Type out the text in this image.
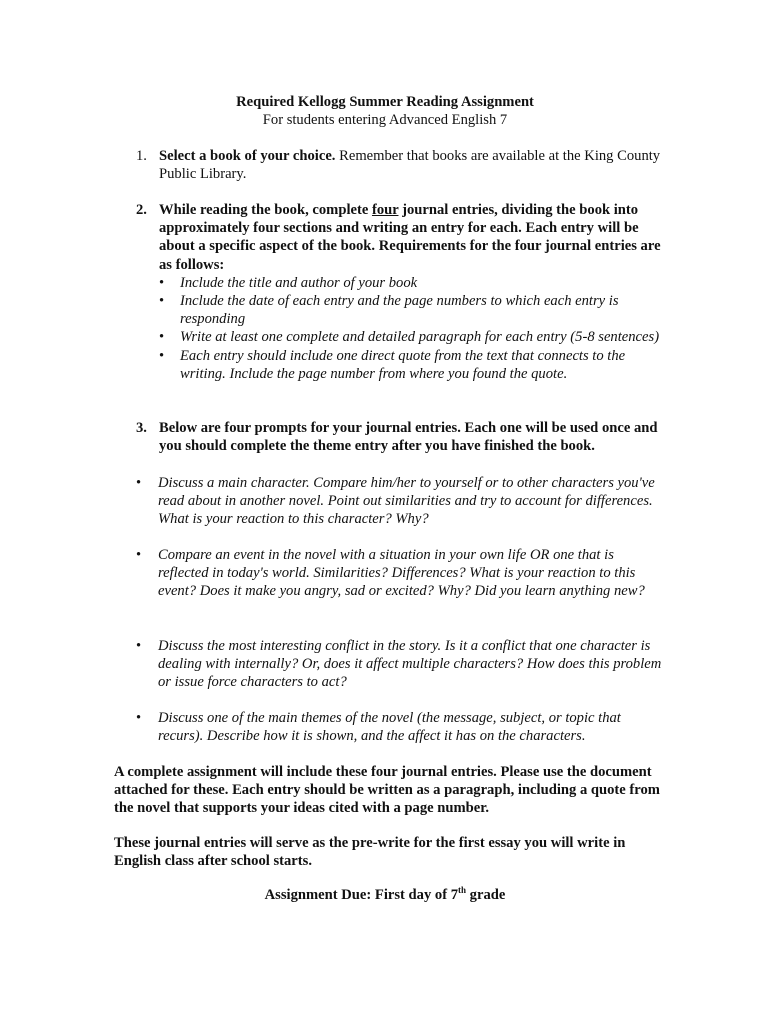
Required Kellogg Summer Reading Assignment
For students entering Advanced English 7
1. Select a book of your choice. Remember that books are available at the King County Public Library.
2. While reading the book, complete four journal entries, dividing the book into approximately four sections and writing an entry for each. Each entry will be about a specific aspect of the book. Requirements for the four journal entries are as follows:
• Include the title and author of your book
• Include the date of each entry and the page numbers to which each entry is responding
• Write at least one complete and detailed paragraph for each entry (5-8 sentences)
• Each entry should include one direct quote from the text that connects to the writing. Include the page number from where you found the quote.
3. Below are four prompts for your journal entries. Each one will be used once and you should complete the theme entry after you have finished the book.
• Discuss a main character. Compare him/her to yourself or to other characters you've read about in another novel. Point out similarities and try to account for differences. What is your reaction to this character? Why?
• Compare an event in the novel with a situation in your own life OR one that is reflected in today's world. Similarities? Differences? What is your reaction to this event? Does it make you angry, sad or excited? Why? Did you learn anything new?
• Discuss the most interesting conflict in the story. Is it a conflict that one character is dealing with internally? Or, does it affect multiple characters? How does this problem or issue force characters to act?
• Discuss one of the main themes of the novel (the message, subject, or topic that recurs). Describe how it is shown, and the affect it has on the characters.
A complete assignment will include these four journal entries. Please use the document attached for these. Each entry should be written as a paragraph, including a quote from the novel that supports your ideas cited with a page number.
These journal entries will serve as the pre-write for the first essay you will write in English class after school starts.
Assignment Due: First day of 7th grade
